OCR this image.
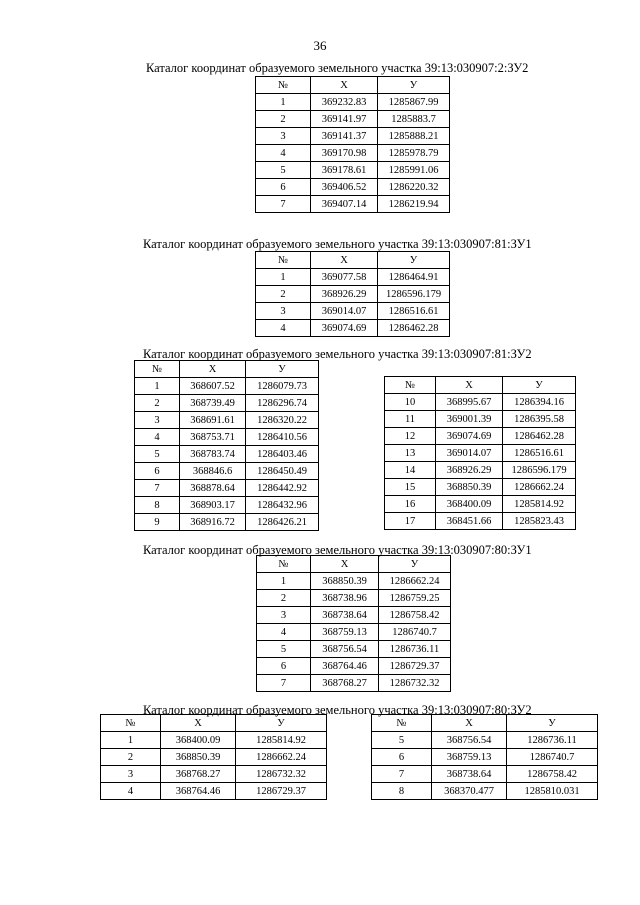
36
Каталог координат образуемого земельного участка 39:13:030907:2:ЗУ2
№	X	У
1	369232.83	1285867.99
2	369141.97	1285883.7
3	369141.37	1285888.21
4	369170.98	1285978.79
5	369178.61	1285991.06
6	369406.52	1286220.32
7	369407.14	1286219.94
Каталог координат образуемого земельного участка 39:13:030907:81:ЗУ1
№	X	У
1	369077.58	1286464.91
2	368926.29	1286596.179
3	369014.07	1286516.61
4	369074.69	1286462.28
Каталог координат образуемого земельного участка 39:13:030907:81:ЗУ2
№	X	У
1	368607.52	1286079.73
2	368739.49	1286296.74
3	368691.61	1286320.22
4	368753.71	1286410.56
5	368783.74	1286403.46
6	368846.6	1286450.49
7	368878.64	1286442.92
8	368903.17	1286432.96
9	368916.72	1286426.21
№	X	У
10	368995.67	1286394.16
11	369001.39	1286395.58
12	369074.69	1286462.28
13	369014.07	1286516.61
14	368926.29	1286596.179
15	368850.39	1286662.24
16	368400.09	1285814.92
17	368451.66	1285823.43
Каталог координат образуемого земельного участка 39:13:030907:80:ЗУ1
№	X	У
1	368850.39	1286662.24
2	368738.96	1286759.25
3	368738.64	1286758.42
4	368759.13	1286740.7
5	368756.54	1286736.11
6	368764.46	1286729.37
7	368768.27	1286732.32
Каталог координат образуемого земельного участка 39:13:030907:80:ЗУ2
№	X	У
1	368400.09	1285814.92
2	368850.39	1286662.24
3	368768.27	1286732.32
4	368764.46	1286729.37
№	X	У
5	368756.54	1286736.11
6	368759.13	1286740.7
7	368738.64	1286758.42
8	368370.477	1285810.031
